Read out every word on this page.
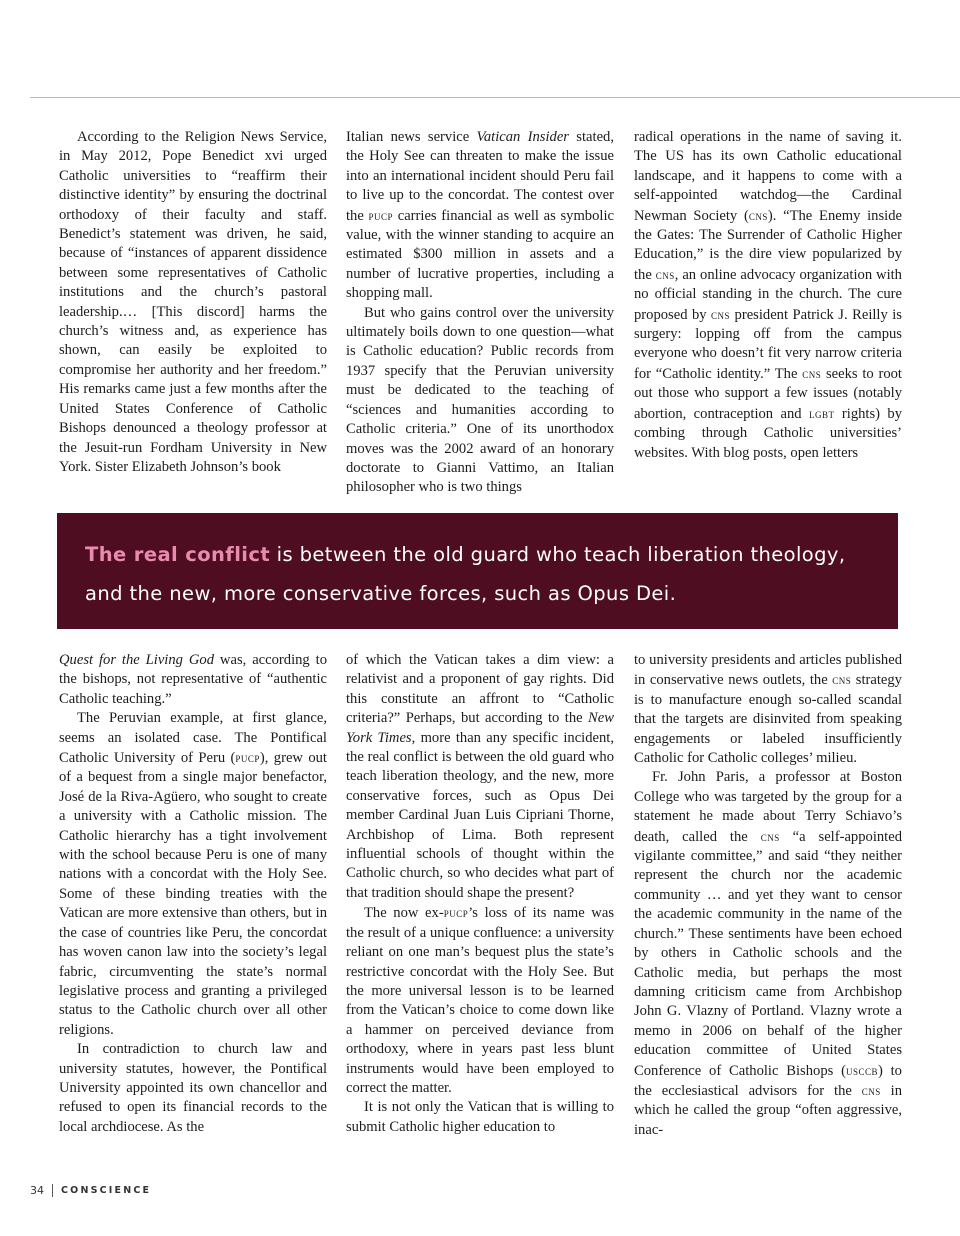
According to the Religion News Service, in May 2012, Pope Benedict xvi urged Catholic universities to “reaffirm their distinctive identity” by ensuring the doctrinal orthodoxy of their faculty and staff. Benedict’s statement was driven, he said, because of “instances of apparent dissidence between some representatives of Catholic institutions and the church’s pastoral leadership.… [This discord] harms the church’s witness and, as experience has shown, can easily be exploited to compromise her authority and her freedom.” His remarks came just a few months after the United States Conference of Catholic Bishops denounced a theology professor at the Jesuit-run Fordham University in New York. Sister Elizabeth Johnson’s book

Italian news service Vatican Insider stated, the Holy See can threaten to make the issue into an international incident should Peru fail to live up to the concordat. The contest over the pucp carries financial as well as symbolic value, with the winner standing to acquire an estimated $300 million in assets and a number of lucrative properties, including a shopping mall.

But who gains control over the university ultimately boils down to one question—what is Catholic education? Public records from 1937 specify that the Peruvian university must be dedicated to the teaching of “sciences and humanities according to Catholic criteria.” One of its unorthodox moves was the 2002 award of an honorary doctorate to Gianni Vattimo, an Italian philosopher who is two things

radical operations in the name of saving it. The US has its own Catholic educational landscape, and it happens to come with a self-appointed watchdog—the Cardinal Newman Society (cns). “The Enemy inside the Gates: The Surrender of Catholic Higher Education,” is the dire view popularized by the cns, an online advocacy organization with no official standing in the church. The cure proposed by cns president Patrick J. Reilly is surgery: lopping off from the campus everyone who doesn’t fit very narrow criteria for “Catholic identity.” The cns seeks to root out those who support a few issues (notably abortion, contraception and lgbt rights) by combing through Catholic universities’ websites. With blog posts, open letters

The real conflict is between the old guard who teach liberation theology, and the new, more conservative forces, such as Opus Dei.

Quest for the Living God was, according to the bishops, not representative of “authentic Catholic teaching.”

The Peruvian example, at first glance, seems an isolated case. The Pontifical Catholic University of Peru (pucp), grew out of a bequest from a single major benefactor, José de la Riva-Agüero, who sought to create a university with a Catholic mission. The Catholic hierarchy has a tight involvement with the school because Peru is one of many nations with a concordat with the Holy See. Some of these binding treaties with the Vatican are more extensive than others, but in the case of countries like Peru, the concordat has woven canon law into the society’s legal fabric, circumventing the state’s normal legislative process and granting a privileged status to the Catholic church over all other religions.

In contradiction to church law and university statutes, however, the Pontifical University appointed its own chancellor and refused to open its financial records to the local archdiocese. As the

of which the Vatican takes a dim view: a relativist and a proponent of gay rights. Did this constitute an affront to “Catholic criteria?” Perhaps, but according to the New York Times, more than any specific incident, the real conflict is between the old guard who teach liberation theology, and the new, more conservative forces, such as Opus Dei member Cardinal Juan Luis Cipriani Thorne, Archbishop of Lima. Both represent influential schools of thought within the Catholic church, so who decides what part of that tradition should shape the present?

The now ex-pucp’s loss of its name was the result of a unique confluence: a university reliant on one man’s bequest plus the state’s restrictive concordat with the Holy See. But the more universal lesson is to be learned from the Vatican’s choice to come down like a hammer on perceived deviance from orthodoxy, where in years past less blunt instruments would have been employed to correct the matter.

It is not only the Vatican that is willing to submit Catholic higher education to

to university presidents and articles published in conservative news outlets, the cns strategy is to manufacture enough so-called scandal that the targets are disinvited from speaking engagements or labeled insufficiently Catholic for Catholic colleges’ milieu.

Fr. John Paris, a professor at Boston College who was targeted by the group for a statement he made about Terry Schiavo’s death, called the cns “a self-appointed vigilante committee,” and said “they neither represent the church nor the academic community … and yet they want to censor the academic community in the name of the church.” These sentiments have been echoed by others in Catholic schools and the Catholic media, but perhaps the most damning criticism came from Archbishop John G. Vlazny of Portland. Vlazny wrote a memo in 2006 on behalf of the higher education committee of United States Conference of Catholic Bishops (usccb) to the ecclesiastical advisors for the cns in which he called the group “often aggressive, inac-

34	CONSCIENCE
